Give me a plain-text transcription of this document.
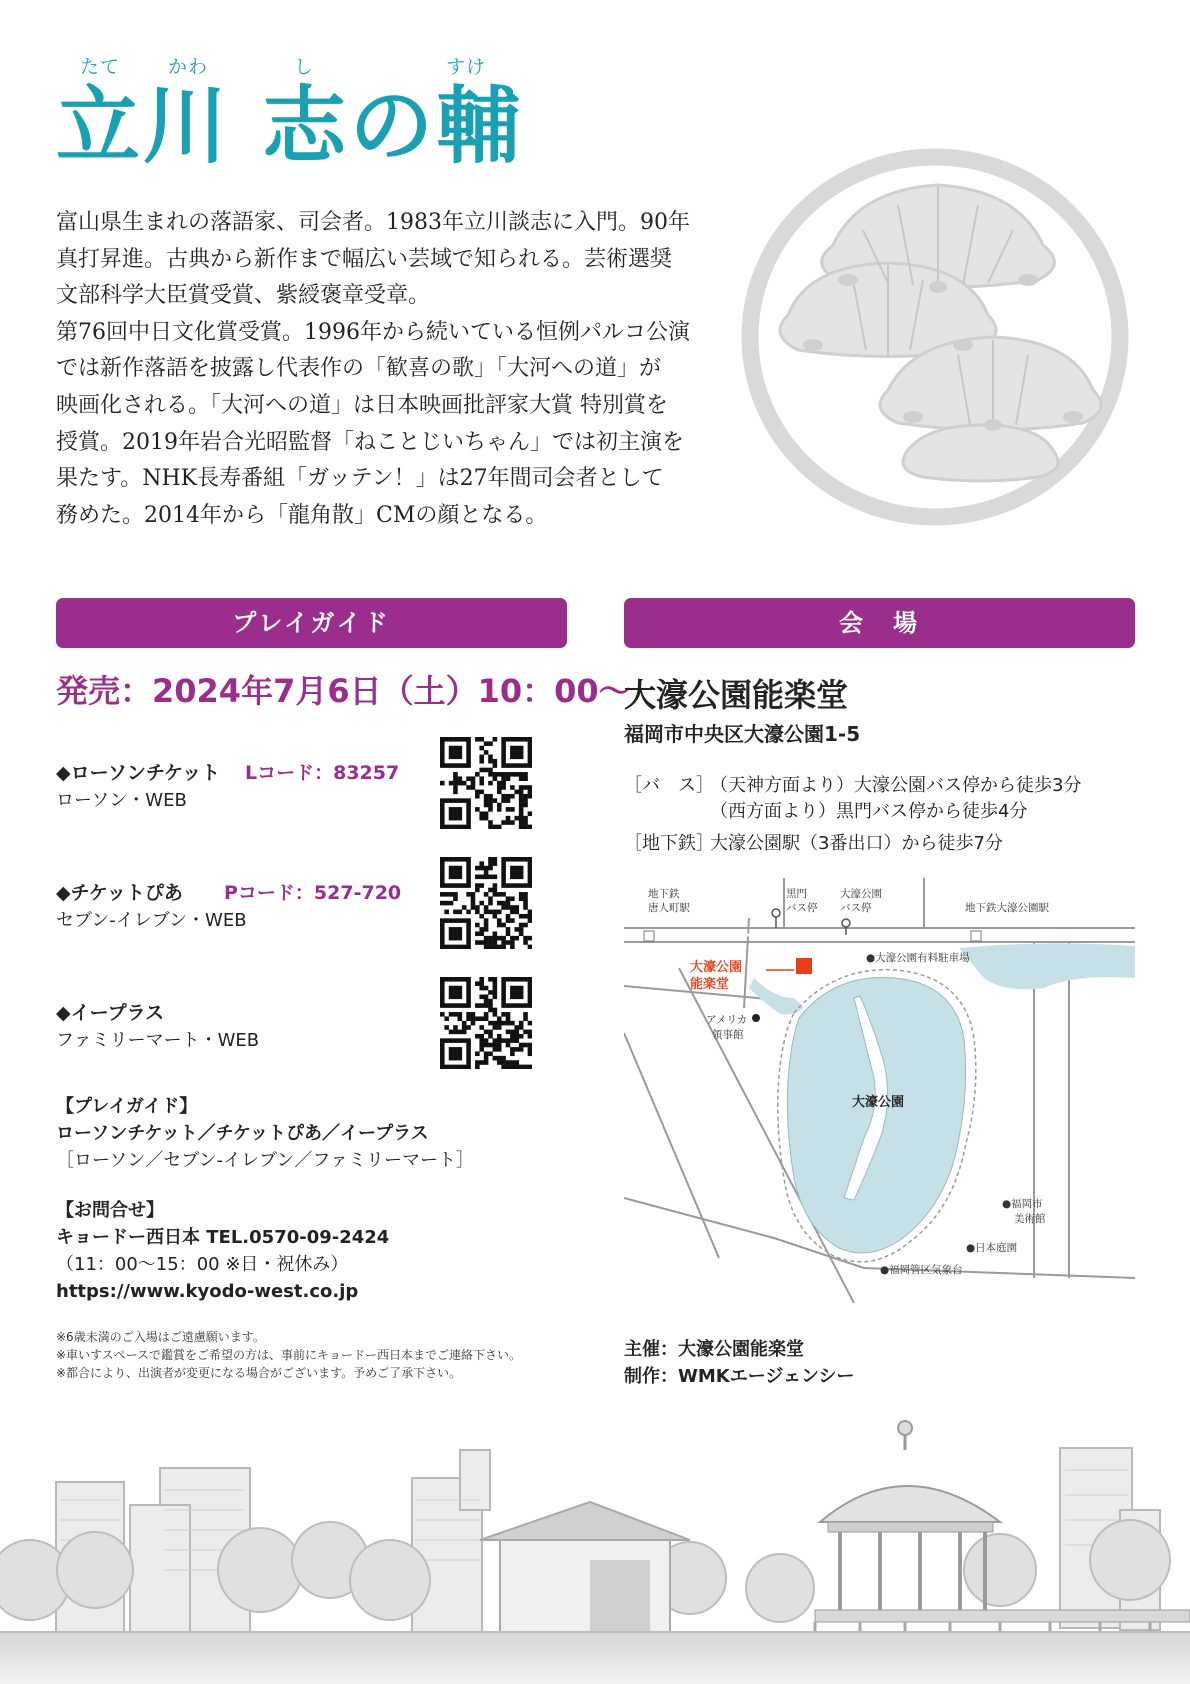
たて	かわ	し	すけ
立川 志の輔

富山県生まれの落語家、司会者。1983年立川談志に入門。90年

真打昇進。古典から新作まで幅広い芸域で知られる。芸術選奨

文部科学大臣賞受賞、紫綬褒章受章。

第76回中日文化賞受賞。1996年から続いている恒例パルコ公演

では新作落語を披露し代表作の「歓喜の歌」「大河への道」が

映画化される。「大河への道」は日本映画批評家大賞 特別賞を

授賞。2019年岩合光昭監督「ねことじいちゃん」では初主演を

果たす。NHK長寿番組「ガッテン！」は27年間司会者として

務めた。2014年から「龍角散」CMの顔となる。

プレイガイド	会　場
発売：2024年7月6日（土）10：00～
◆ローソンチケット Lコード：83257
ローソン・WEB
◆チケットぴあ Pコード：527-720
セブン-イレブン・WEB
◆イープラス
ファミリーマート・WEB
【プレイガイド】
ローソンチケット／チケットぴあ／イープラス
［ローソン／セブン-イレブン／ファミリーマート］
【お問合せ】
キョードー西日本 TEL.0570-09-2424
（11：00～15：00 ※日・祝休み）
https://www.kyodo-west.co.jp
※6歳未満のご入場はご遠慮願います。
※車いすスペースで鑑賞をご希望の方は、事前にキョードー西日本までご連絡下さい。
※都合により、出演者が変更になる場合がございます。予めご了承下さい。
大濠公園能楽堂
福岡市中央区大濠公園1-5
［バ　ス］
（天神方面より）大濠公園バス停から徒歩3分
（西方面より）黒門バス停から徒歩4分
［地下鉄］
大濠公園駅（3番出口）から徒歩7分
地下鉄
唐人町駅
黒門
バス停
大濠公園
バス停	地下鉄大濠公園駅
大濠公園
能楽堂
●大濠公園有料駐車場
アメリカ
領事館
大濠公園
●福岡市
美術館
●日本庭園
●福岡管区気象台
主催：大濠公園能楽堂
制作：WMKエージェンシー
